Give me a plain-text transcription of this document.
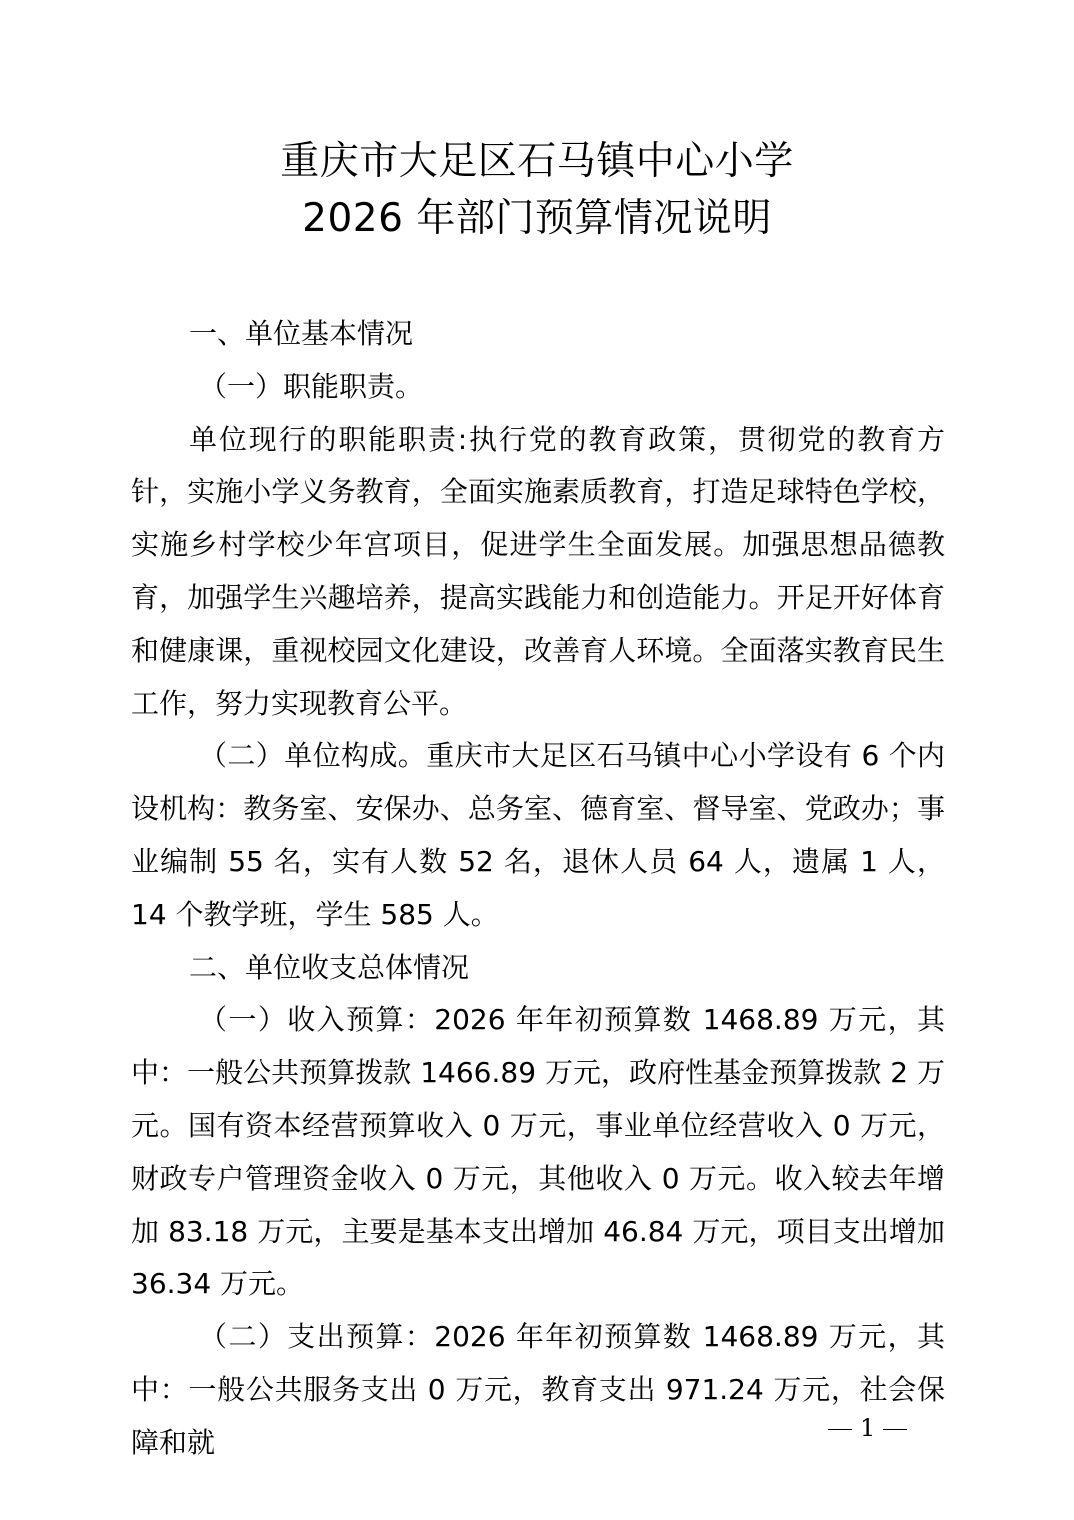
重庆市大足区石马镇中心小学
2026 年部门预算情况说明

一、单位基本情况

（一）职能职责。

单位现行的职能职责:执行党的教育政策，贯彻党的教育方针，实施小学义务教育，全面实施素质教育，打造足球特色学校，实施乡村学校少年宫项目，促进学生全面发展。加强思想品德教育，加强学生兴趣培养，提高实践能力和创造能力。开足开好体育和健康课，重视校园文化建设，改善育人环境。全面落实教育民生工作，努力实现教育公平。

（二）单位构成。重庆市大足区石马镇中心小学设有 6 个内设机构：教务室、安保办、总务室、德育室、督导室、党政办；事业编制 55 名，实有人数 52 名，退休人员 64 人，遗属 1 人， 14 个教学班，学生 585 人。

二、单位收支总体情况

（一）收入预算：2026 年年初预算数 1468.89 万元，其中：一般公共预算拨款 1466.89 万元，政府性基金预算拨款 2 万元。国有资本经营预算收入 0 万元，事业单位经营收入 0 万元，财政专户管理资金收入 0 万元，其他收入 0 万元。收入较去年增加 83.18 万元，主要是基本支出增加 46.84 万元，项目支出增加 36.34 万元。

（二）支出预算：2026 年年初预算数 1468.89 万元，其中：一般公共服务支出 0 万元，教育支出 971.24 万元，社会保障和就	1
